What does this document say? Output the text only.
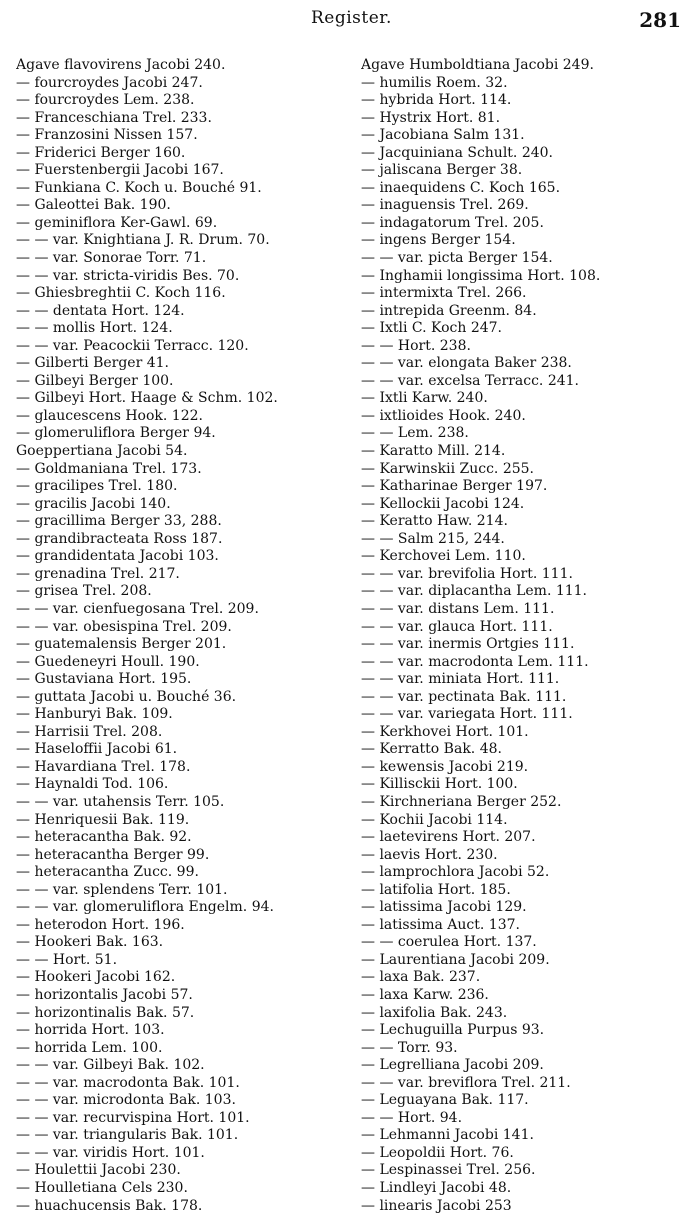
Register.	281
Agave flavovirens Jacobi 240.
— fourcroydes Jacobi 247.
— fourcroydes Lem. 238.
— Franceschiana Trel. 233.
— Franzosini Nissen 157.
— Friderici Berger 160.
— Fuerstenbergii Jacobi 167.
— Funkiana C. Koch u. Bouché 91.
— Galeottei Bak. 190.
— geminiflora Ker-Gawl. 69.
— — var. Knightiana J. R. Drum. 70.
— — var. Sonorae Torr. 71.
— — var. stricta-viridis Bes. 70.
— Ghiesbreghtii C. Koch 116.
— — dentata Hort. 124.
— — mollis Hort. 124.
— — var. Peacockii Terracc. 120.
— Gilberti Berger 41.
— Gilbeyi Berger 100.
— Gilbeyi Hort. Haage & Schm. 102.
— glaucescens Hook. 122.
— glomeruliflora Berger 94.
Goeppertiana Jacobi 54.
— Goldmaniana Trel. 173.
— gracilipes Trel. 180.
— gracilis Jacobi 140.
— gracillima Berger 33, 288.
— grandibracteata Ross 187.
— grandidentata Jacobi 103.
— grenadina Trel. 217.
— grisea Trel. 208.
— — var. cienfuegosana Trel. 209.
— — var. obesispina Trel. 209.
— guatemalensis Berger 201.
— Guedeneyri Houll. 190.
— Gustaviana Hort. 195.
— guttata Jacobi u. Bouché 36.
— Hanburyi Bak. 109.
— Harrisii Trel. 208.
— Haseloffii Jacobi 61.
— Havardiana Trel. 178.
— Haynaldi Tod. 106.
— — var. utahensis Terr. 105.
— Henriquesii Bak. 119.
— heteracantha Bak. 92.
— heteracantha Berger 99.
— heteracantha Zucc. 99.
— — var. splendens Terr. 101.
— — var. glomeruliflora Engelm. 94.
— heterodon Hort. 196.
— Hookeri Bak. 163.
— — Hort. 51.
— Hookeri Jacobi 162.
— horizontalis Jacobi 57.
— horizontinalis Bak. 57.
— horrida Hort. 103.
— horrida Lem. 100.
— — var. Gilbeyi Bak. 102.
— — var. macrodonta Bak. 101.
— — var. microdonta Bak. 103.
— — var. recurvispina Hort. 101.
— — var. triangularis Bak. 101.
— — var. viridis Hort. 101.
— Houlettii Jacobi 230.
— Houlletiana Cels 230.
— huachucensis Bak. 178.
Agave Humboldtiana Jacobi 249.
— humilis Roem. 32.
— hybrida Hort. 114.
— Hystrix Hort. 81.
— Jacobiana Salm 131.
— Jacquiniana Schult. 240.
— jaliscana Berger 38.
— inaequidens C. Koch 165.
— inaguensis Trel. 269.
— indagatorum Trel. 205.
— ingens Berger 154.
— — var. picta Berger 154.
— Inghamii longissima Hort. 108.
— intermixta Trel. 266.
— intrepida Greenm. 84.
— Ixtli C. Koch 247.
— — Hort. 238.
— — var. elongata Baker 238.
— — var. excelsa Terracc. 241.
— Ixtli Karw. 240.
— ixtlioides Hook. 240.
— — Lem. 238.
— Karatto Mill. 214.
— Karwinskii Zucc. 255.
— Katharinae Berger 197.
— Kellockii Jacobi 124.
— Keratto Haw. 214.
— — Salm 215, 244.
— Kerchovei Lem. 110.
— — var. brevifolia Hort. 111.
— — var. diplacantha Lem. 111.
— — var. distans Lem. 111.
— — var. glauca Hort. 111.
— — var. inermis Ortgies 111.
— — var. macrodonta Lem. 111.
— — var. miniata Hort. 111.
— — var. pectinata Bak. 111.
— — var. variegata Hort. 111.
— Kerkhovei Hort. 101.
— Kerratto Bak. 48.
— kewensis Jacobi 219.
— Killisckii Hort. 100.
— Kirchneriana Berger 252.
— Kochii Jacobi 114.
— laetevirens Hort. 207.
— laevis Hort. 230.
— lamprochlora Jacobi 52.
— latifolia Hort. 185.
— latissima Jacobi 129.
— latissima Auct. 137.
— — coerulea Hort. 137.
— Laurentiana Jacobi 209.
— laxa Bak. 237.
— laxa Karw. 236.
— laxifolia Bak. 243.
— Lechuguilla Purpus 93.
— — Torr. 93.
— Legrelliana Jacobi 209.
— — var. breviflora Trel. 211.
— Leguayana Bak. 117.
— — Hort. 94.
— Lehmanni Jacobi 141.
— Leopoldii Hort. 76.
— Lespinassei Trel. 256.
— Lindleyi Jacobi 48.
— linearis Jacobi 253
